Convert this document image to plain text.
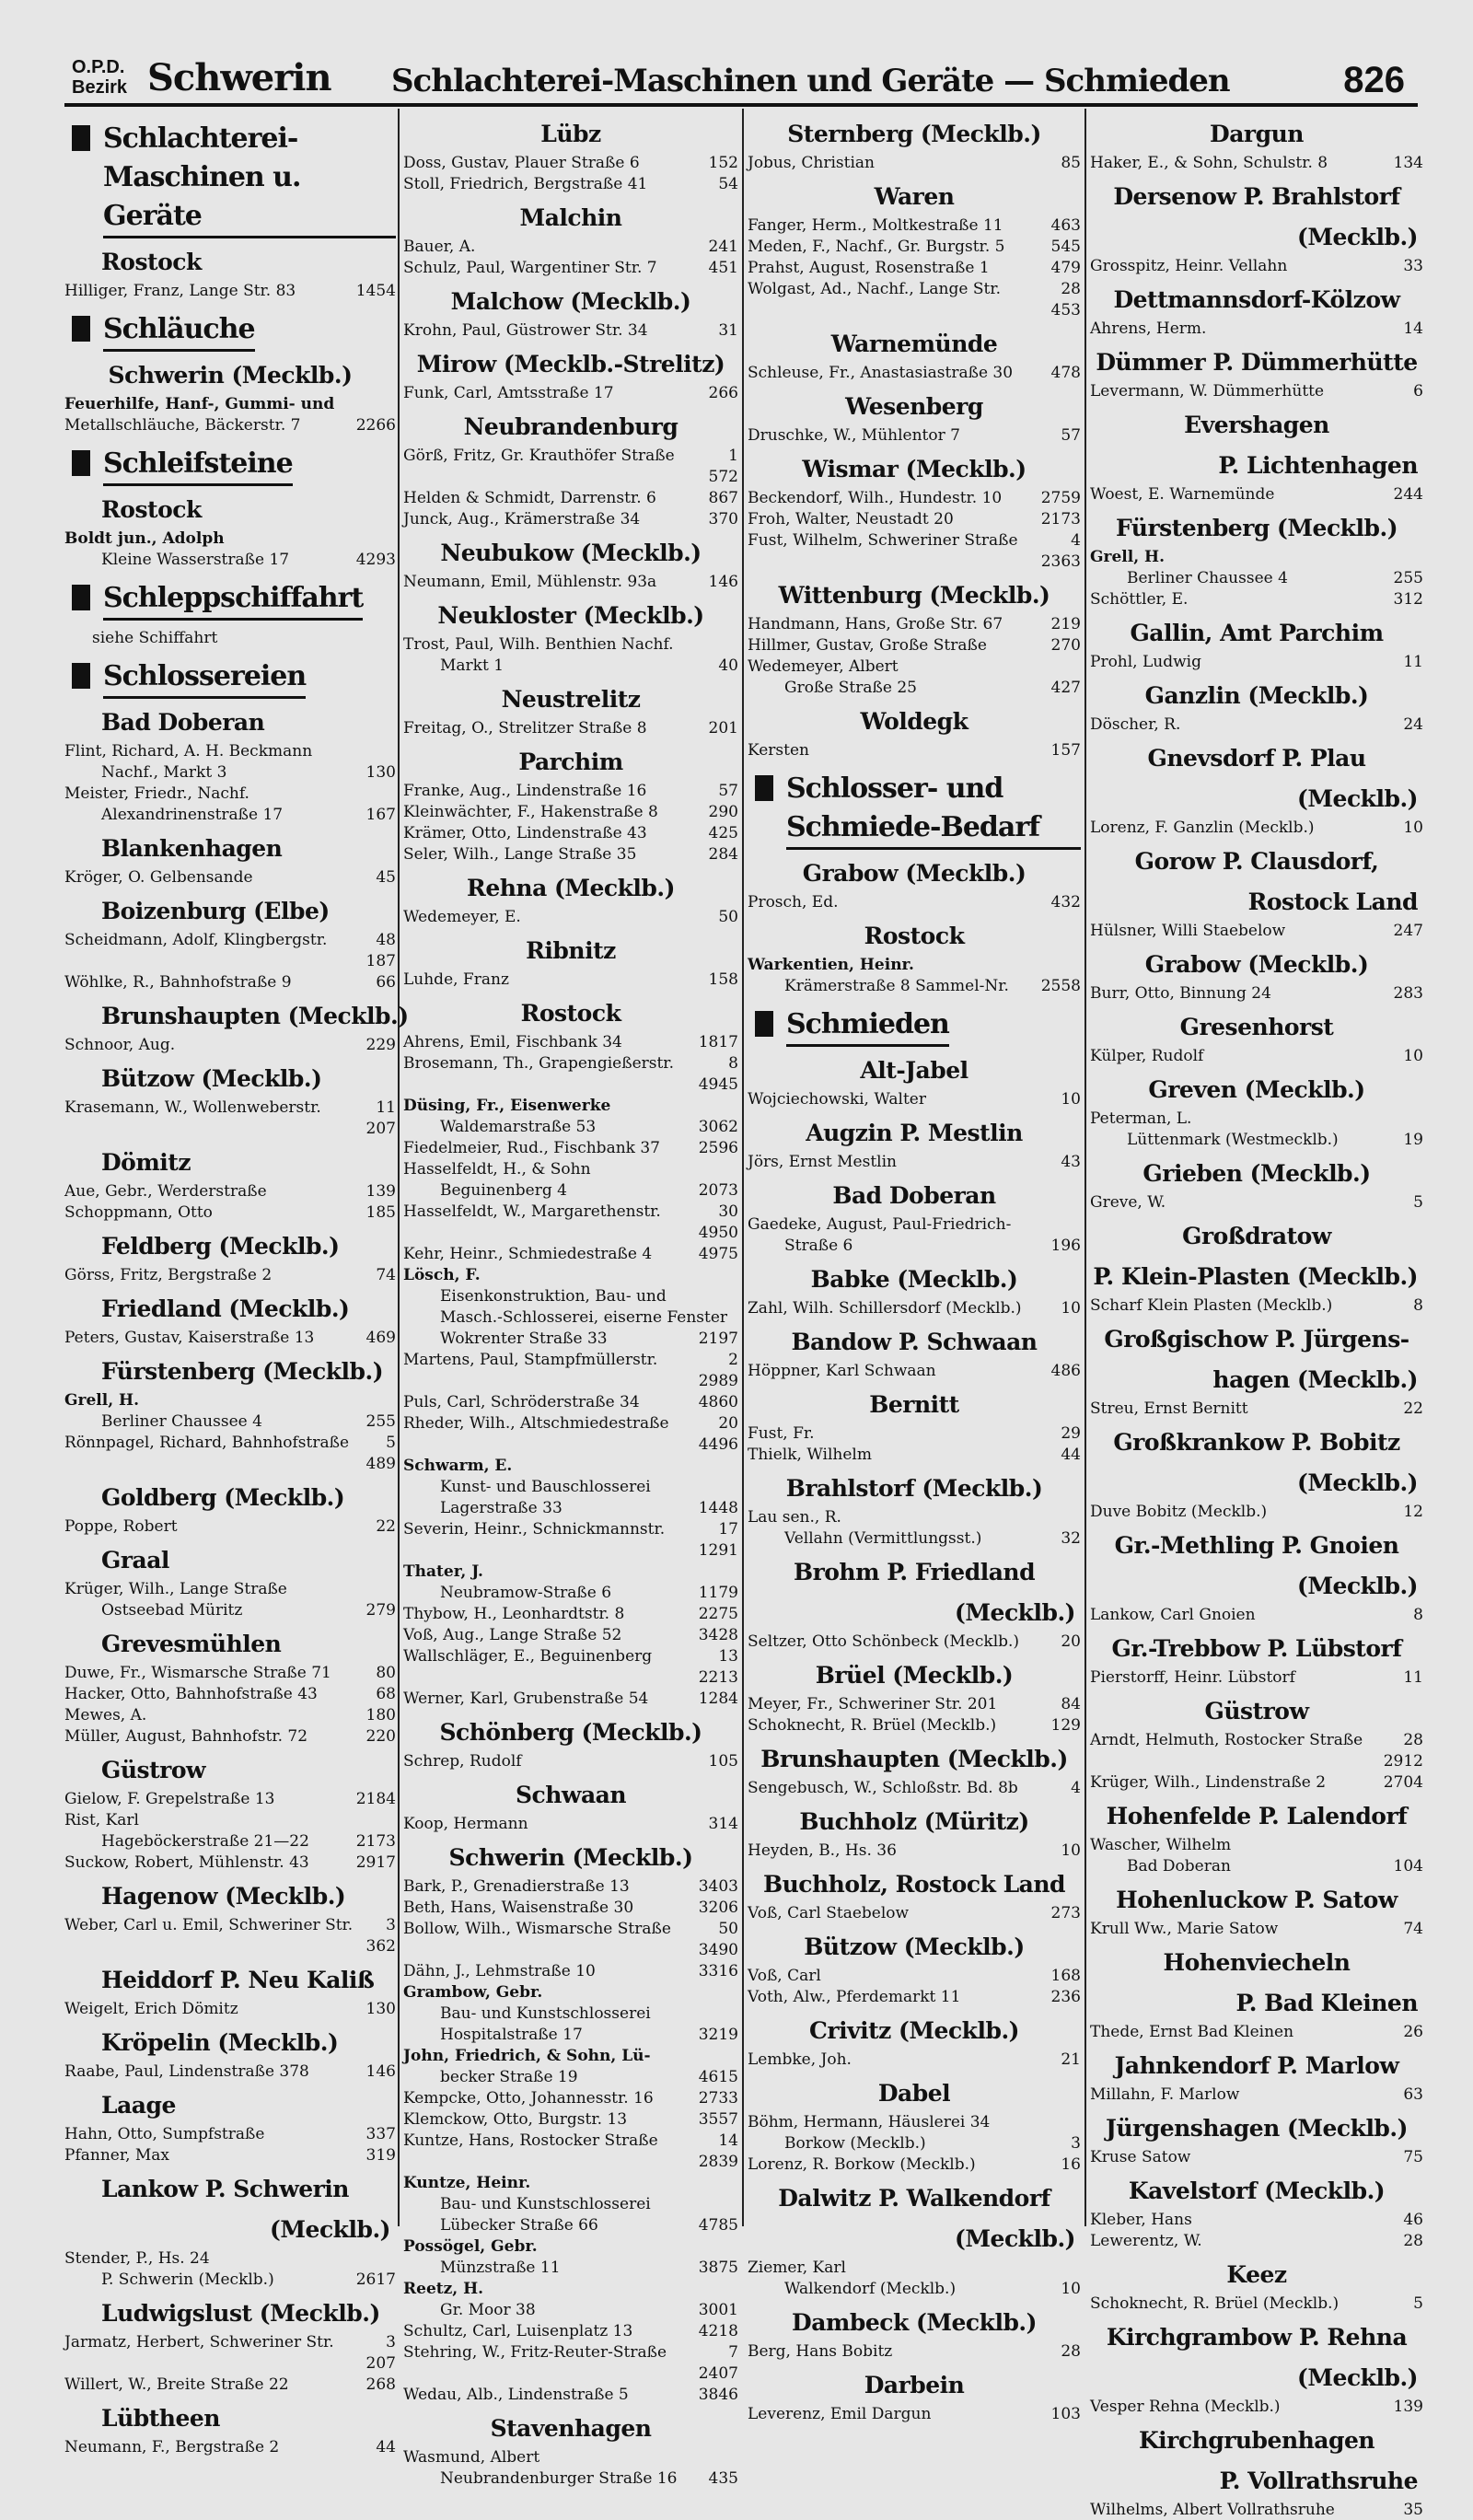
O.P.D.
Bezirk Schwerin Schlachterei-Maschinen und Geräte — Schmieden	826
Schlachterei- Maschinen u. Geräte
Rostock
Hilliger, Franz, Lange Str. 83	1454
Schläuche
Schwerin (Mecklb.)
Feuerhilfe, Hanf-, Gummi- und
Metallschläuche, Bäckerstr. 7	2266
Schleifsteine
Rostock
Boldt jun., Adolph
Kleine Wasserstraße 17	4293
Schleppschiffahrt
siehe Schiffahrt
Schlossereien
Bad Doberan
Flint, Richard, A. H. Beckmann
Nachf., Markt 3	130
Meister, Friedr., Nachf.
Alexandrinenstraße 17	167
Blankenhagen
Kröger, O. Gelbensande	45
Boizenburg (Elbe)
Scheidmann, Adolf, Klingbergstr.	48
187
Wöhlke, R., Bahnhofstraße 9	66
Brunshaupten (Mecklb.)
Schnoor, Aug.	229
Bützow (Mecklb.)
Krasemann, W., Wollenweberstr.	11
207
Dömitz
Aue, Gebr., Werderstraße	139
Schoppmann, Otto	185
Feldberg (Mecklb.)
Görss, Fritz, Bergstraße 2	74
Friedland (Mecklb.)
Peters, Gustav, Kaiserstraße 13	469
Fürstenberg (Mecklb.)
Grell, H.
Berliner Chaussee 4	255
Rönnpagel, Richard, Bahnhofstraße	5
489
Goldberg (Mecklb.)
Poppe, Robert	22
Graal
Krüger, Wilh., Lange Straße
Ostseebad Müritz	279
Grevesmühlen
Duwe, Fr., Wismarsche Straße 71	80
Hacker, Otto, Bahnhofstraße 43	68
Mewes, A.	180
Müller, August, Bahnhofstr. 72	220
Güstrow
Gielow, F. Grepelstraße 13	2184
Rist, Karl
Hageböckerstraße 21—22	2173
Suckow, Robert, Mühlenstr. 43	2917
Hagenow (Mecklb.)
Weber, Carl u. Emil, Schweriner Str.	3
362
Heiddorf P. Neu Kaliß
Weigelt, Erich Dömitz	130
Kröpelin (Mecklb.)
Raabe, Paul, Lindenstraße 378	146
Laage
Hahn, Otto, Sumpfstraße	337
Pfanner, Max	319
Lankow P. Schwerin
(Mecklb.)
Stender, P., Hs. 24
P. Schwerin (Mecklb.)	2617
Ludwigslust (Mecklb.)
Jarmatz, Herbert, Schweriner Str.	3
207
Willert, W., Breite Straße 22	268
Lübtheen
Neumann, F., Bergstraße 2	44
Lübz
Doss, Gustav, Plauer Straße 6	152
Stoll, Friedrich, Bergstraße 41	54
Malchin
Bauer, A.	241
Schulz, Paul, Wargentiner Str. 7	451
Malchow (Mecklb.)
Krohn, Paul, Güstrower Str. 34	31
Mirow (Mecklb.-Strelitz)
Funk, Carl, Amtsstraße 17	266
Neubrandenburg
Görß, Fritz, Gr. Krauthöfer Straße	1
572
Helden & Schmidt, Darrenstr. 6	867
Junck, Aug., Krämerstraße 34	370
Neubukow (Mecklb.)
Neumann, Emil, Mühlenstr. 93a	146
Neukloster (Mecklb.)
Trost, Paul, Wilh. Benthien Nachf.
Markt 1	40
Neustrelitz
Freitag, O., Strelitzer Straße 8	201
Parchim
Franke, Aug., Lindenstraße 16	57
Kleinwächter, F., Hakenstraße 8	290
Krämer, Otto, Lindenstraße 43	425
Seler, Wilh., Lange Straße 35	284
Rehna (Mecklb.)
Wedemeyer, E.	50
Ribnitz
Luhde, Franz	158
Rostock
Ahrens, Emil, Fischbank 34	1817
Brosemann, Th., Grapengießerstr.	8
4945
Düsing, Fr., Eisenwerke
Waldemarstraße 53	3062
Fiedelmeier, Rud., Fischbank 37	2596
Hasselfeldt, H., & Sohn
Beguinenberg 4	2073
Hasselfeldt, W., Margarethenstr.	30
4950
Kehr, Heinr., Schmiedestraße 4	4975
Lösch, F.
Eisenkonstruktion, Bau- und
Masch.-Schlosserei, eiserne Fenster
Wokrenter Straße 33	2197
Martens, Paul, Stampfmüllerstr.	2
2989
Puls, Carl, Schröderstraße 34	4860
Rheder, Wilh., Altschmiedestraße	20
4496
Schwarm, E.
Kunst- und Bauschlosserei
Lagerstraße 33	1448
Severin, Heinr., Schnickmannstr.	17
1291
Thater, J.
Neubramow-Straße 6	1179
Thybow, H., Leonhardtstr. 8	2275
Voß, Aug., Lange Straße 52	3428
Wallschläger, E., Beguinenberg	13
2213
Werner, Karl, Grubenstraße 54	1284
Schönberg (Mecklb.)
Schrep, Rudolf	105
Schwaan
Koop, Hermann	314
Schwerin (Mecklb.)
Bark, P., Grenadierstraße 13	3403
Beth, Hans, Waisenstraße 30	3206
Bollow, Wilh., Wismarsche Straße	50
3490
Dähn, J., Lehmstraße 10	3316
Grambow, Gebr.
Bau- und Kunstschlosserei
Hospitalstraße 17	3219
John, Friedrich, & Sohn, Lü-
becker Straße 19	4615
Kempcke, Otto, Johannesstr. 16	2733
Klemckow, Otto, Burgstr. 13	3557
Kuntze, Hans, Rostocker Straße	14
2839
Kuntze, Heinr.
Bau- und Kunstschlosserei
Lübecker Straße 66	4785
Possögel, Gebr.
Münzstraße 11	3875
Reetz, H.
Gr. Moor 38	3001
Schultz, Carl, Luisenplatz 13	4218
Stehring, W., Fritz-Reuter-Straße	7
2407
Wedau, Alb., Lindenstraße 5	3846
Stavenhagen
Wasmund, Albert
Neubrandenburger Straße 16	435
Sternberg (Mecklb.)
Jobus, Christian	85
Waren
Fanger, Herm., Moltkestraße 11	463
Meden, F., Nachf., Gr. Burgstr. 5	545
Prahst, August, Rosenstraße 1	479
Wolgast, Ad., Nachf., Lange Str.	28
453
Warnemünde
Schleuse, Fr., Anastasiastraße 30	478
Wesenberg
Druschke, W., Mühlentor 7	57
Wismar (Mecklb.)
Beckendorf, Wilh., Hundestr. 10	2759
Froh, Walter, Neustadt 20	2173
Fust, Wilhelm, Schweriner Straße	4
2363
Wittenburg (Mecklb.)
Handmann, Hans, Große Str. 67	219
Hillmer, Gustav, Große Straße	270
Wedemeyer, Albert
Große Straße 25	427
Woldegk
Kersten	157
Schlosser- und Schmiede-Bedarf
Grabow (Mecklb.)
Prosch, Ed.	432
Rostock
Warkentien, Heinr.
Krämerstraße 8 Sammel-Nr.	2558
Schmieden
Alt-Jabel
Wojciechowski, Walter	10
Augzin P. Mestlin
Jörs, Ernst Mestlin	43
Bad Doberan
Gaedeke, August, Paul-Friedrich-
Straße 6	196
Babke (Mecklb.)
Zahl, Wilh. Schillersdorf (Mecklb.)	10
Bandow P. Schwaan
Höppner, Karl Schwaan	486
Bernitt
Fust, Fr.	29
Thielk, Wilhelm	44
Brahlstorf (Mecklb.)
Lau sen., R.
Vellahn (Vermittlungsst.)	32
Brohm P. Friedland
(Mecklb.)
Seltzer, Otto Schönbeck (Mecklb.)	20
Brüel (Mecklb.)
Meyer, Fr., Schweriner Str. 201	84
Schoknecht, R. Brüel (Mecklb.)	129
Brunshaupten (Mecklb.)
Sengebusch, W., Schloßstr. Bd. 8b	4
Buchholz (Müritz)
Heyden, B., Hs. 36	10
Buchholz, Rostock Land
Voß, Carl Staebelow	273
Bützow (Mecklb.)
Voß, Carl	168
Voth, Alw., Pferdemarkt 11	236
Crivitz (Mecklb.)
Lembke, Joh.	21
Dabel
Böhm, Hermann, Häuslerei 34
Borkow (Mecklb.)	3
Lorenz, R. Borkow (Mecklb.)	16
Dalwitz P. Walkendorf
(Mecklb.)
Ziemer, Karl
Walkendorf (Mecklb.)	10
Dambeck (Mecklb.)
Berg, Hans Bobitz	28
Darbein
Leverenz, Emil Dargun	103
Dargun
Haker, E., & Sohn, Schulstr. 8	134
Dersenow P. Brahlstorf
(Mecklb.)
Grosspitz, Heinr. Vellahn	33
Dettmannsdorf-Kölzow
Ahrens, Herm.	14
Dümmer P. Dümmerhütte
Levermann, W. Dümmerhütte	6
Evershagen
P. Lichtenhagen
Woest, E. Warnemünde	244
Fürstenberg (Mecklb.)
Grell, H.
Berliner Chaussee 4	255
Schöttler, E.	312
Gallin, Amt Parchim
Prohl, Ludwig	11
Ganzlin (Mecklb.)
Döscher, R.	24
Gnevsdorf P. Plau
(Mecklb.)
Lorenz, F. Ganzlin (Mecklb.)	10
Gorow P. Clausdorf,
Rostock Land
Hülsner, Willi Staebelow	247
Grabow (Mecklb.)
Burr, Otto, Binnung 24	283
Gresenhorst
Külper, Rudolf	10
Greven (Mecklb.)
Peterman, L.
Lüttenmark (Westmecklb.)	19
Grieben (Mecklb.)
Greve, W.	5
Großdratow
P. Klein-Plasten (Mecklb.)
Scharf Klein Plasten (Mecklb.)	8
Großgischow P. Jürgens-
hagen (Mecklb.)
Streu, Ernst Bernitt	22
Großkrankow P. Bobitz
(Mecklb.)
Duve Bobitz (Mecklb.)	12
Gr.-Methling P. Gnoien
(Mecklb.)
Lankow, Carl Gnoien	8
Gr.-Trebbow P. Lübstorf
Pierstorff, Heinr. Lübstorf	11
Güstrow
Arndt, Helmuth, Rostocker Straße	28
2912
Krüger, Wilh., Lindenstraße 2	2704
Hohenfelde P. Lalendorf
Wascher, Wilhelm
Bad Doberan	104
Hohenluckow P. Satow
Krull Ww., Marie Satow	74
Hohenviecheln
P. Bad Kleinen
Thede, Ernst Bad Kleinen	26
Jahnkendorf P. Marlow
Millahn, F. Marlow	63
Jürgenshagen (Mecklb.)
Kruse Satow	75
Kavelstorf (Mecklb.)
Kleber, Hans	46
Lewerentz, W.	28
Keez
Schoknecht, R. Brüel (Mecklb.)	5
Kirchgrambow P. Rehna
(Mecklb.)
Vesper Rehna (Mecklb.)	139
Kirchgrubenhagen
P. Vollrathsruhe
Wilhelms, Albert Vollrathsruhe	35
